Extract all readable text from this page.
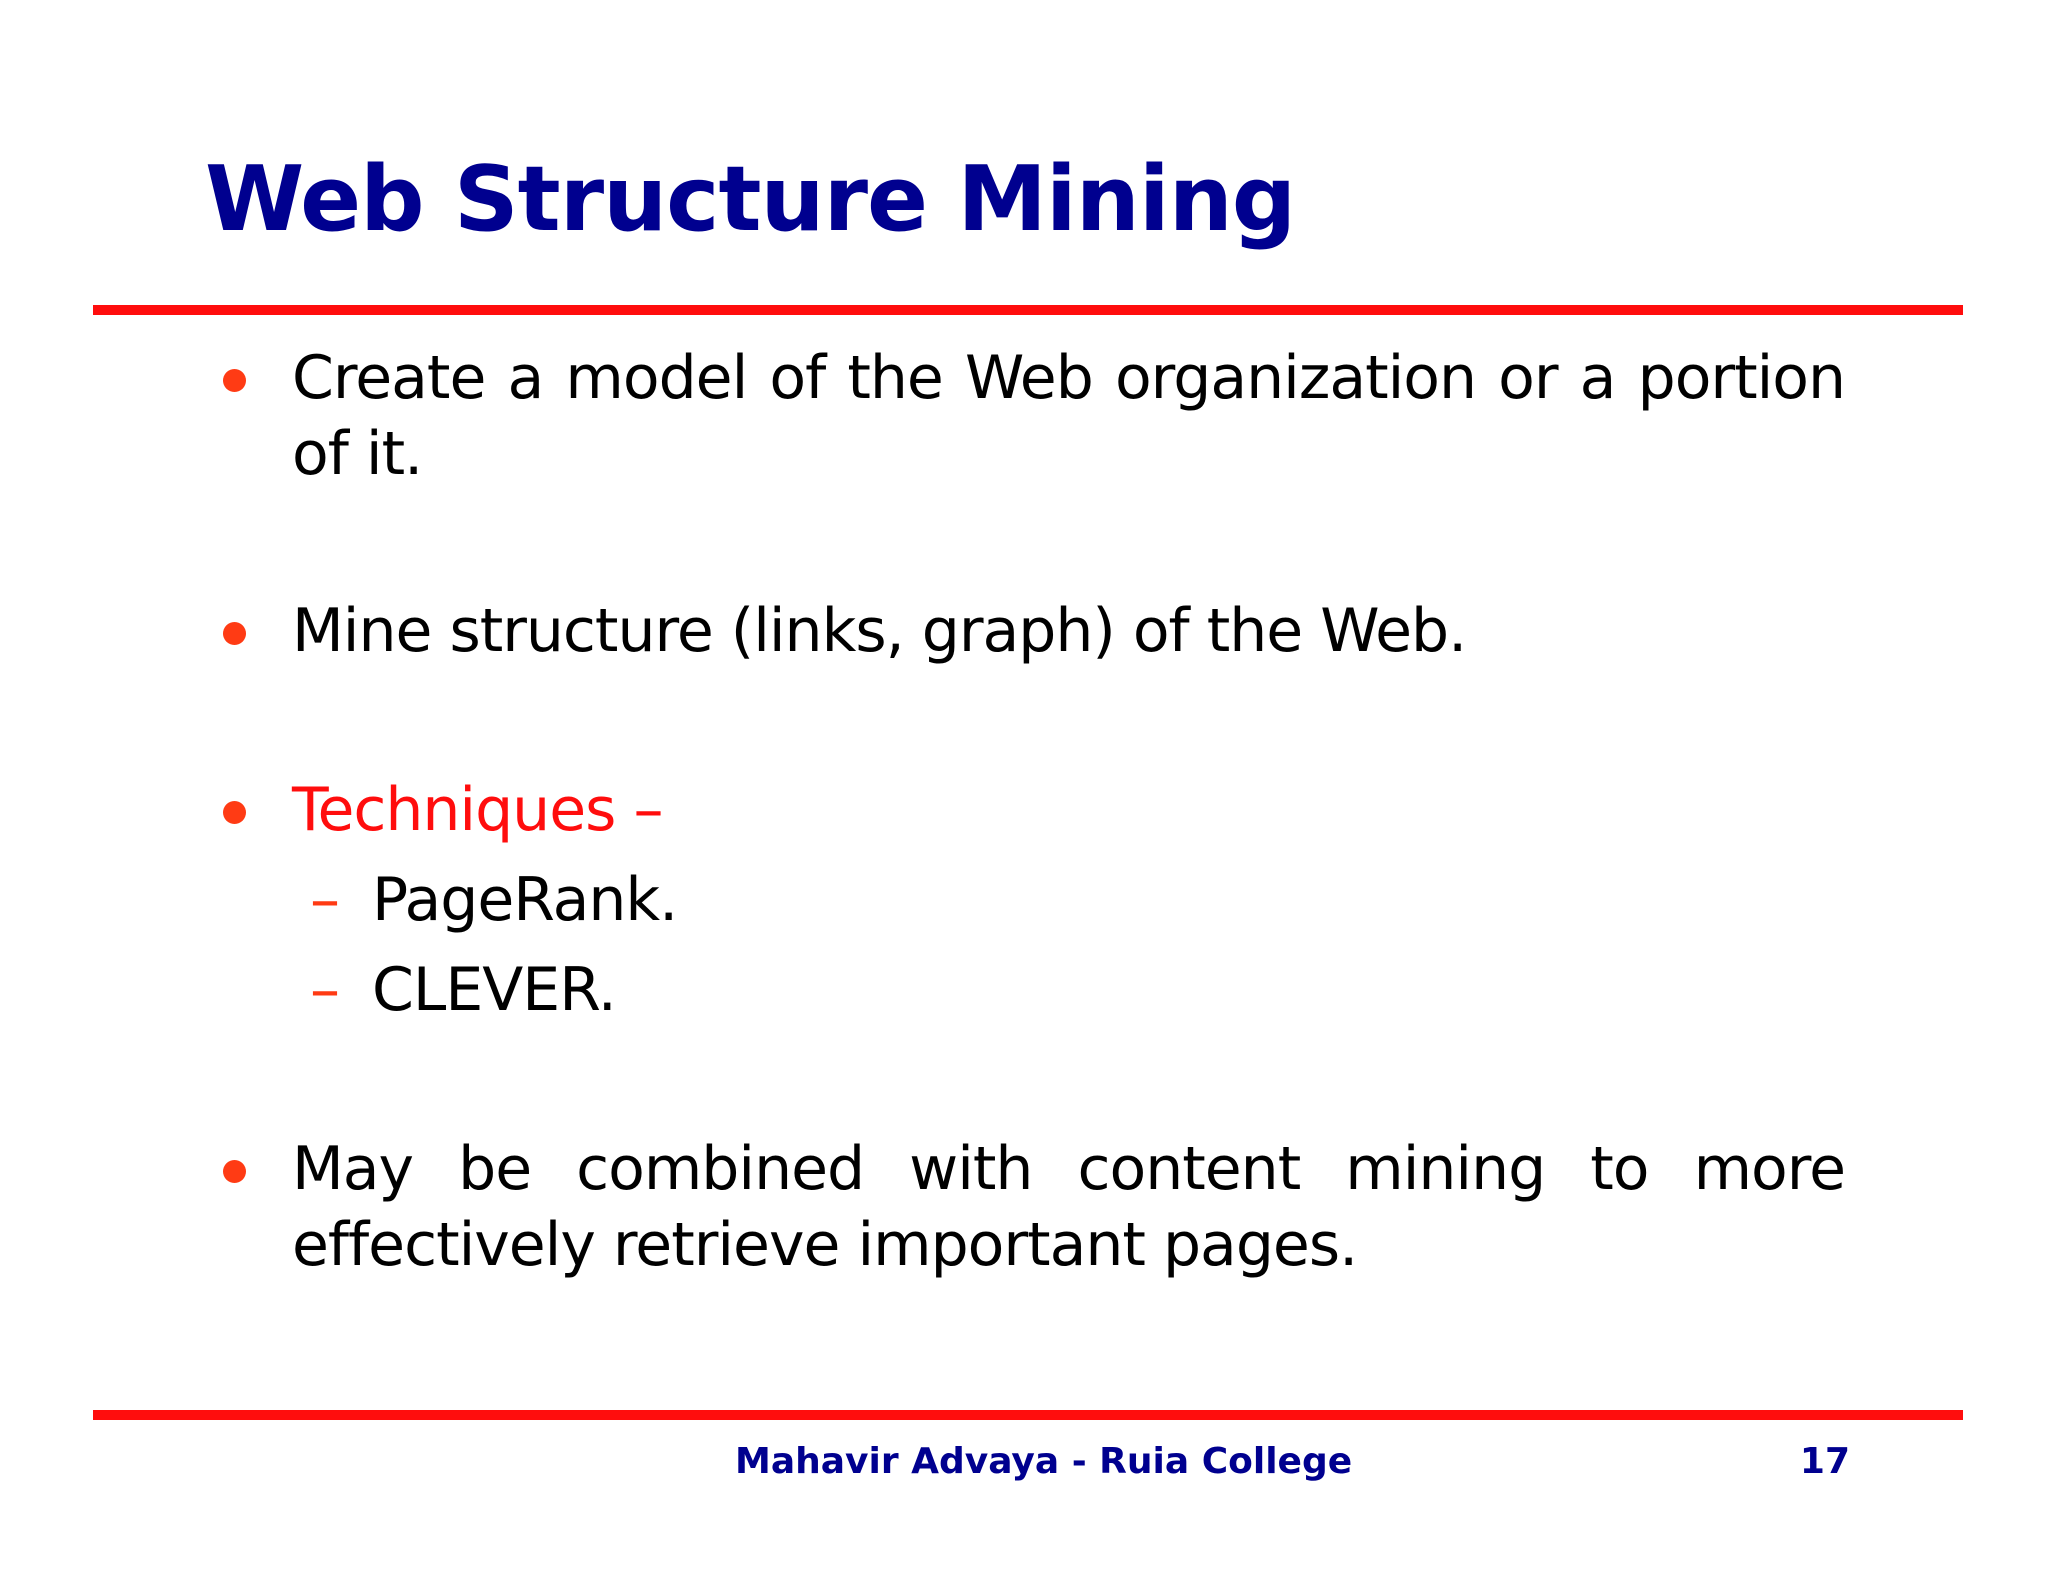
Web Structure Mining
Create a model of the Web organization or a portion of it.
Mine structure (links, graph) of the Web.
Techniques –
– PageRank.
– CLEVER.
May be combined with content mining to more effectively retrieve important pages.
Mahavir Advaya - Ruia College	17
